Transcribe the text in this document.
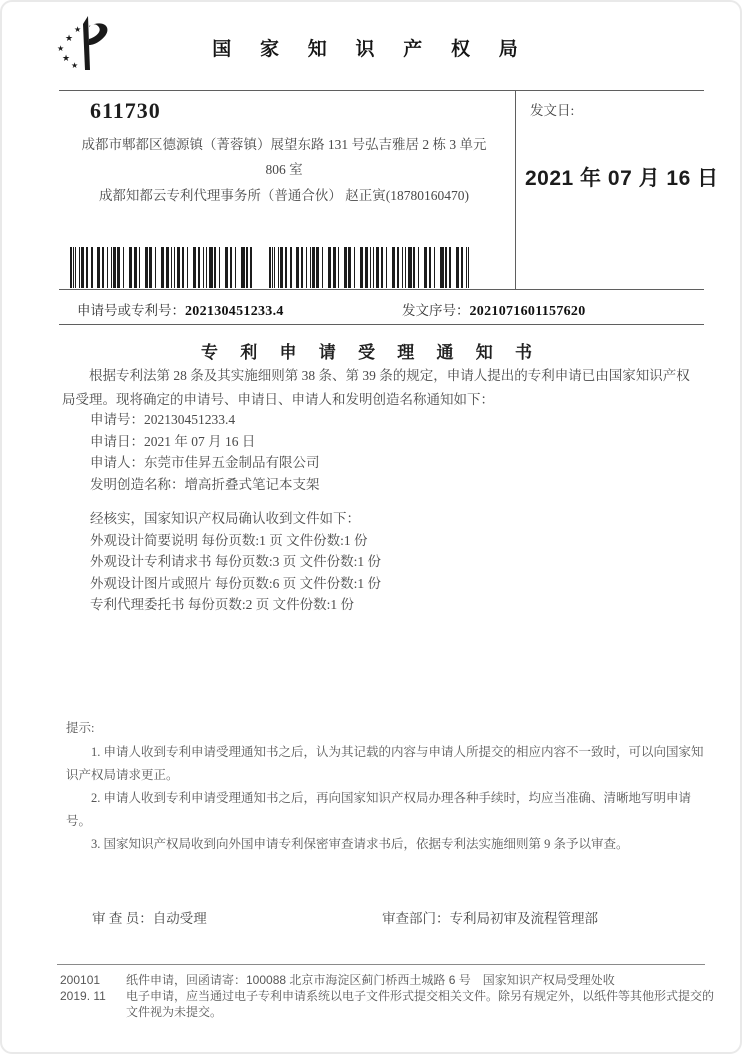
★
★
★
★
★
国 家 知 识 产 权 局
611730
成都市郫都区德源镇（菁蓉镇）展望东路 131 号弘吉雅居 2 栋 3 单元
806 室
成都知都云专利代理事务所（普通合伙） 赵正寅(18780160470)
发文日:
2021 年 07 月 16 日
申请号或专利号：202130451233.4	发文序号：2021071601157620
专 利 申 请 受 理 通 知 书

根据专利法第 28 条及其实施细则第 38 条、第 39 条的规定，申请人提出的专利申请已由国家知识产权局受理。现将确定的申请号、申请日、申请人和发明创造名称通知如下：

申请号：202130451233.4
申请日：2021 年 07 月 16 日
申请人：东莞市佳昇五金制品有限公司
发明创造名称：增高折叠式笔记本支架
经核实，国家知识产权局确认收到文件如下：
外观设计简要说明 每份页数:1 页 文件份数:1 份
外观设计专利请求书 每份页数:3 页 文件份数:1 份
外观设计图片或照片 每份页数:6 页 文件份数:1 份
专利代理委托书 每份页数:2 页 文件份数:1 份

提示:

1. 申请人收到专利申请受理通知书之后，认为其记载的内容与申请人所提交的相应内容不一致时，可以向国家知识产权局请求更正。

2. 申请人收到专利申请受理通知书之后，再向国家知识产权局办理各种手续时，均应当准确、清晰地写明申请号。

3. 国家知识产权局收到向外国申请专利保密审查请求书后，依据专利法实施细则第 9 条予以审查。

审 查 员：自动受理	审查部门：专利局初审及流程管理部
200101
2019. 11
纸件申请，回函请寄：100088 北京市海淀区蓟门桥西土城路 6 号　国家知识产权局受理处收
电子申请，应当通过电子专利申请系统以电子文件形式提交相关文件。除另有规定外，以纸件等其他形式提交的文件视为未提交。
